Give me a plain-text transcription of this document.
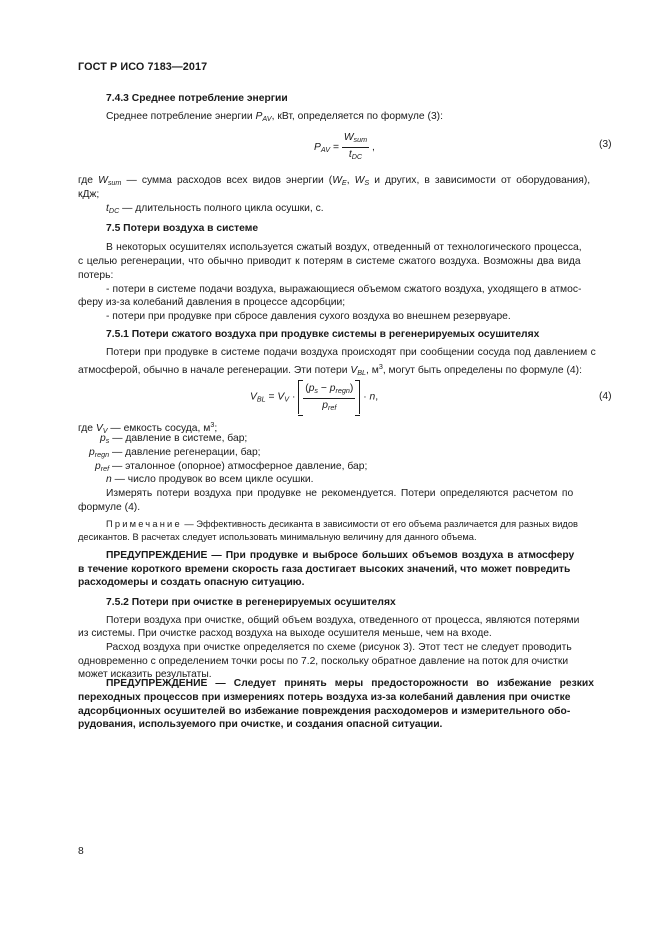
ГОСТ Р ИСО 7183—2017
7.4.3 Среднее потребление энергии
Среднее потребление энергии $P_{AV}$, кВт, определяется по формуле (3):
$P_{AV} = \frac{W_{sum}}{t_{DC}}$ ,	(3)
где $W_{sum}$ — сумма расходов всех видов энергии ($W_E$, $W_S$ и других, в зависимости от оборудования),
кДж;
$t_{DC}$ — длительность полного цикла осушки, с.
7.5 Потери воздуха в системе
В некоторых осушителях используется сжатый воздух, отведенный от технологического процесса,
с целью регенерации, что обычно приводит к потерям в системе сжатого воздуха. Возможны два вида
потерь:
- потери в системе подачи воздуха, выражающиеся объемом сжатого воздуха, уходящего в атмос-
феру из-за колебаний давления в процессе адсорбции;
- потери при продувке при сбросе давления сухого воздуха во внешнем резервуаре.
7.5.1 Потери сжатого воздуха при продувке системы в регенерируемых осушителях
Потери при продувке в системе подачи воздуха происходят при сообщении сосуда под давлением с
атмосферой, обычно в начале регенерации. Эти потери $V_{BL}$, $м^3$, могут быть определены по формуле (4):
$V_{BL} = V_V \cdot \frac{(p_s - p_{regn})}{p_{ref}} \cdot n$,	(4)
где $V_V$ — емкость сосуда, $м^3$;
$p_s$ — давление в системе, бар;
$p_{regn}$ — давление регенерации, бар;
$p_{ref}$ — эталонное (опорное) атмосферное давление, бар;
n — число продувок во всем цикле осушки.
Измерять потери воздуха при продувке не рекомендуется. Потери определяются расчетом по
формуле (4).
Примечание — Эффективность десиканта в зависимости от его объема различается для разных видов
десикантов. В расчетах следует использовать минимальную величину для данного объема.
ПРЕДУПРЕЖДЕНИЕ — При продувке и выбросе больших объемов воздуха в атмосферу
в течение короткого времени скорость газа достигает высоких значений, что может повредить
расходомеры и создать опасную ситуацию.
7.5.2 Потери при очистке в регенерируемых осушителях
Потери воздуха при очистке, общий объем воздуха, отведенного от процесса, являются потерями
из системы. При очистке расход воздуха на выходе осушителя меньше, чем на входе.
Расход воздуха при очистке определяется по схеме (рисунок 3). Этот тест не следует проводить
одновременно с определением точки росы по 7.2, поскольку обратное давление на поток для очистки
может исказить результаты.
ПРЕДУПРЕЖДЕНИЕ — Следует принять меры предосторожности во избежание резких
переходных процессов при измерениях потерь воздуха из-за колебаний давления при очистке
адсорбционных осушителей во избежание повреждения расходомеров и измерительного обо-
рудования, используемого при очистке, и создания опасной ситуации.
8
